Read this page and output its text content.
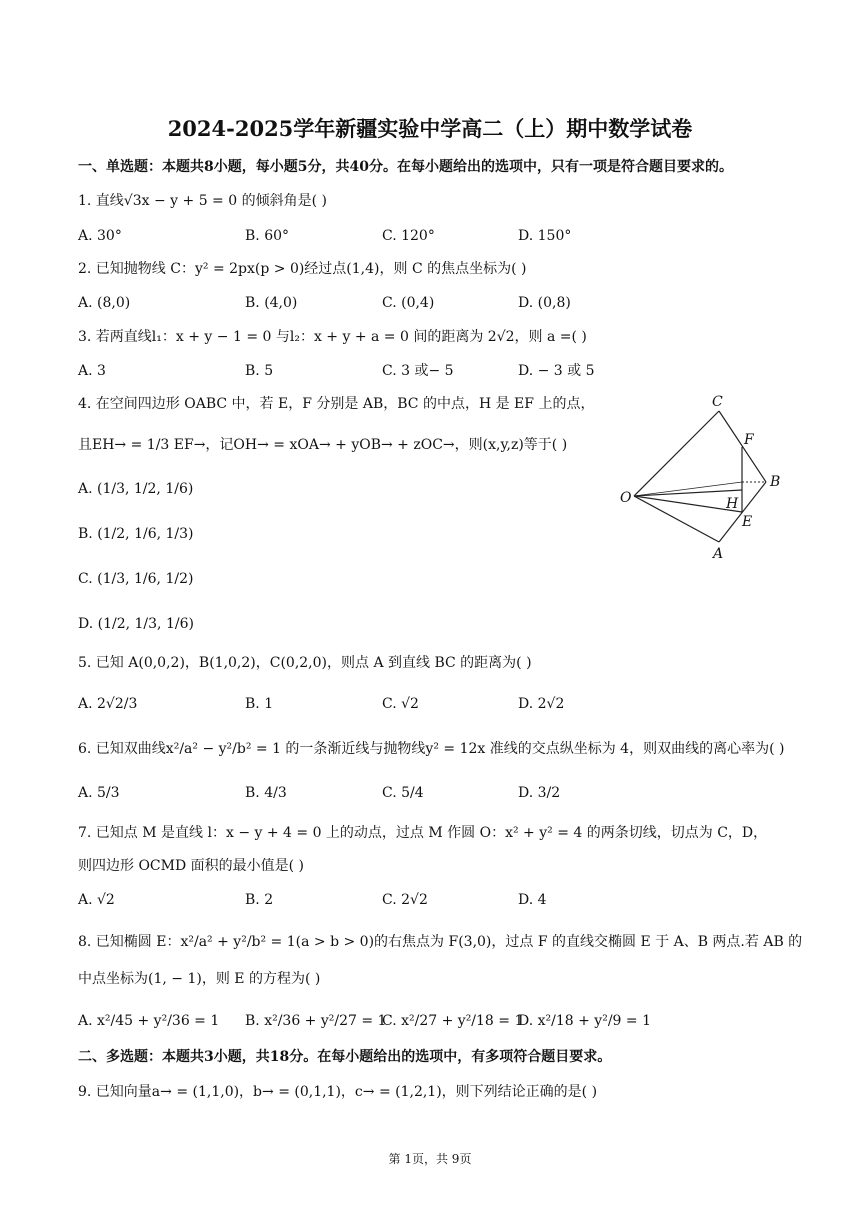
2024-2025学年新疆实验中学高二（上）期中数学试卷
一、单选题：本题共8小题，每小题5分，共40分。在每小题给出的选项中，只有一项是符合题目要求的。
1. 直线√3x − y + 5 = 0 的倾斜角是( )
A. 30°	B. 60°	C. 120°	D. 150°
2. 已知抛物线 C：y² = 2px(p > 0)经过点(1,4)，则 C 的焦点坐标为( )
A. (8,0)	B. (4,0)	C. (0,4)	D. (0,8)
3. 若两直线l₁：x + y − 1 = 0 与l₂：x + y + a = 0 间的距离为 2√2，则 a =( )
A. 3	B. 5	C. 3 或− 5	D. − 3 或 5
4. 在空间四边形 OABC 中，若 E，F 分别是 AB，BC 的中点，H 是 EF 上的点，
且EH→ = 1/3 EF→，记OH→ = xOA→ + yOB→ + zOC→，则(x,y,z)等于( )
A. (1/3, 1/2, 1/6)
B. (1/2, 1/6, 1/3)
C. (1/3, 1/6, 1/2)
D. (1/2, 1/3, 1/6)
C
F
B
O	H
E
A
5. 已知 A(0,0,2)，B(1,0,2)，C(0,2,0)，则点 A 到直线 BC 的距离为( )
A. 2√2/3	B. 1	C. √2	D. 2√2
6. 已知双曲线x²/a² − y²/b² = 1 的一条渐近线与抛物线y² = 12x 准线的交点纵坐标为 4，则双曲线的离心率为( )
A. 5/3	B. 4/3	C. 5/4	D. 3/2
7. 已知点 M 是直线 l：x − y + 4 = 0 上的动点，过点 M 作圆 O：x² + y² = 4 的两条切线，切点为 C，D，
则四边形 OCMD 面积的最小值是( )
A. √2	B. 2	C. 2√2	D. 4
8. 已知椭圆 E：x²/a² + y²/b² = 1(a > b > 0)的右焦点为 F(3,0)，过点 F 的直线交椭圆 E 于 A、B 两点.若 AB 的
中点坐标为(1, − 1)，则 E 的方程为( )
A. x²/45 + y²/36 = 1 B. x²/36 + y²/27 = 1
C. x²/27 + y²/18 = 1
D. x²/18 + y²/9 = 1
二、多选题：本题共3小题，共18分。在每小题给出的选项中，有多项符合题目要求。
9. 已知向量a→ = (1,1,0)，b→ = (0,1,1)，c→ = (1,2,1)，则下列结论正确的是( )
第 1页，共 9页
